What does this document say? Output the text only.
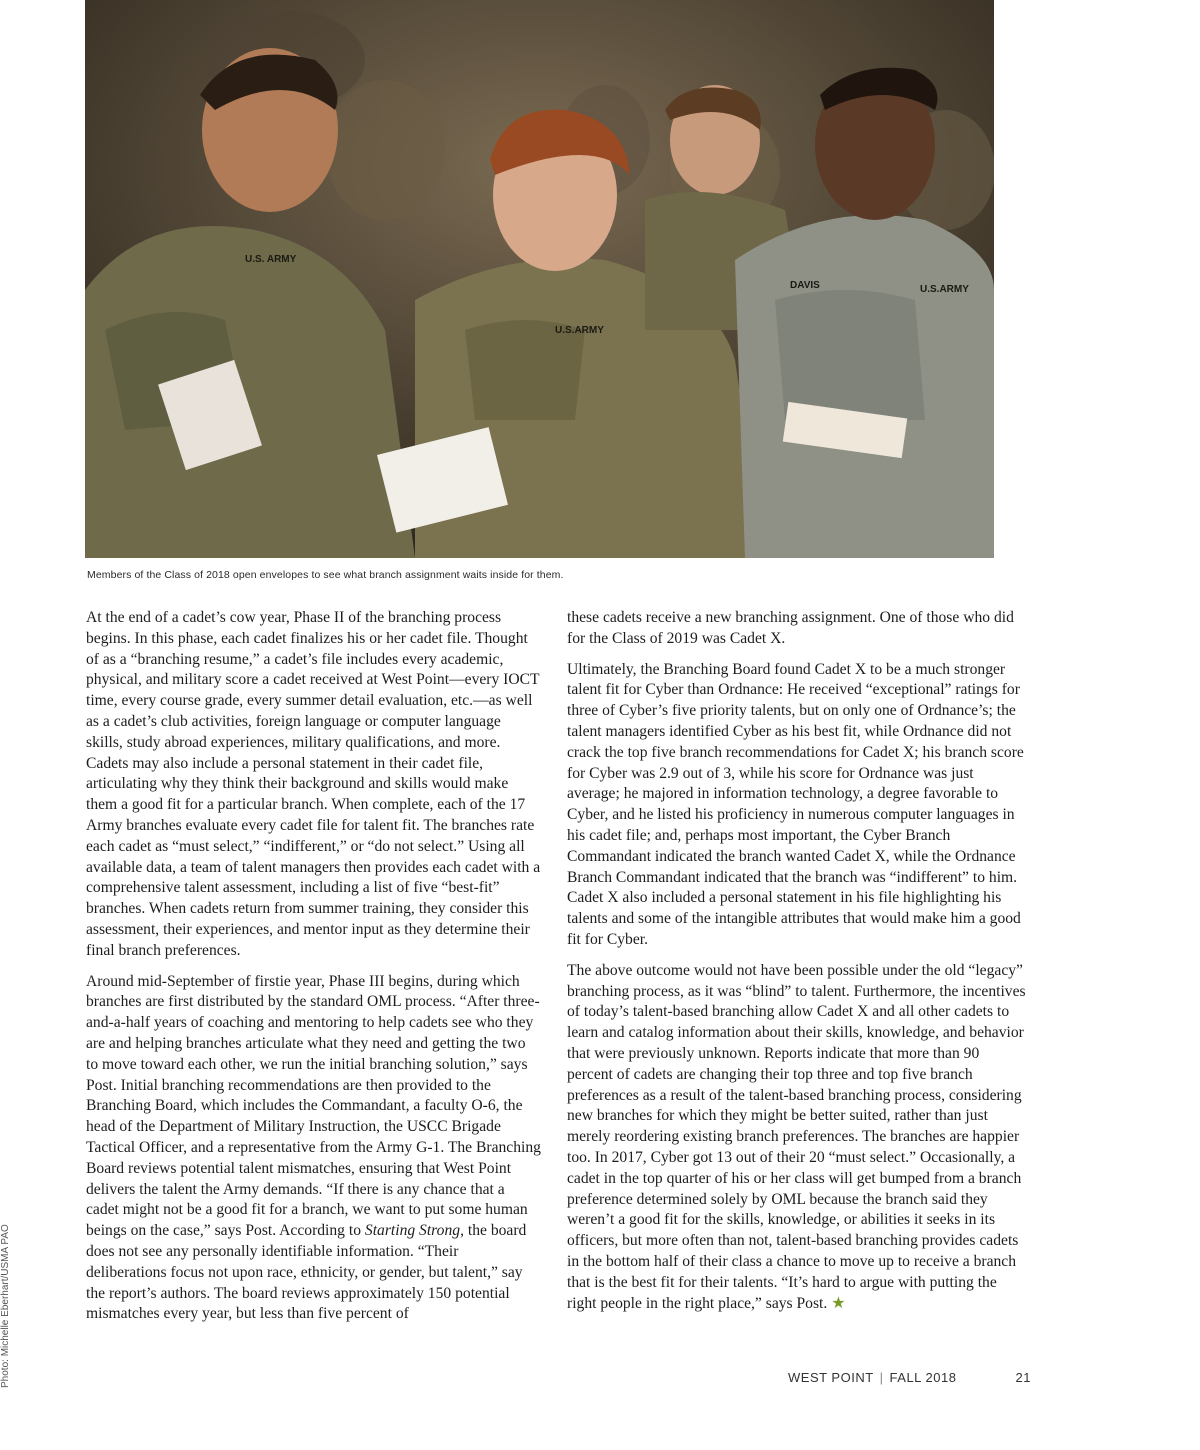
U.S. ARMY
U.S.ARMY
DAVIS	U.S.ARMY
Members of the Class of 2018 open envelopes to see what branch assignment waits inside for them.
Photo: Michelle Eberhart/USMA PAO

At the end of a cadet’s cow year, Phase II of the branching process begins. In this phase, each cadet finalizes his or her cadet file. Thought of as a “branching resume,” a cadet’s file includes every academic, physical, and military score a cadet received at West Point—every IOCT time, every course grade, every summer detail evaluation, etc.—as well as a cadet’s club activities, foreign language or computer language skills, study abroad experiences, military qualifications, and more. Cadets may also include a personal statement in their cadet file, articulating why they think their background and skills would make them a good fit for a particular branch. When complete, each of the 17 Army branches evaluate every cadet file for talent fit. The branches rate each cadet as “must select,” “indifferent,” or “do not select.” Using all available data, a team of talent managers then provides each cadet with a comprehensive talent assessment, including a list of five “best-fit” branches. When cadets return from summer training, they consider this assessment, their experiences, and mentor input as they determine their final branch preferences.

Around mid-September of firstie year, Phase III begins, during which branches are first distributed by the standard OML process. “After three-and-a-half years of coaching and mentoring to help cadets see who they are and helping branches articulate what they need and getting the two to move toward each other, we run the initial branching solution,” says Post. Initial branching recommendations are then provided to the Branching Board, which includes the Commandant, a faculty O-6, the head of the Department of Military Instruction, the USCC Brigade Tactical Officer, and a representative from the Army G-1. The Branching Board reviews potential talent mismatches, ensuring that West Point delivers the talent the Army demands. “If there is any chance that a cadet might not be a good fit for a branch, we want to put some human beings on the case,” says Post. According to Starting Strong, the board does not see any personally identifiable information. “Their deliberations focus not upon race, ethnicity, or gender, but talent,” say the report’s authors. The board reviews approximately 150 potential mismatches every year, but less than five percent of

these cadets receive a new branching assignment. One of those who did for the Class of 2019 was Cadet X.

Ultimately, the Branching Board found Cadet X to be a much stronger talent fit for Cyber than Ordnance: He received “exceptional” ratings for three of Cyber’s five priority talents, but on only one of Ordnance’s; the talent managers identified Cyber as his best fit, while Ordnance did not crack the top five branch recommendations for Cadet X; his branch score for Cyber was 2.9 out of 3, while his score for Ordnance was just average; he majored in information technology, a degree favorable to Cyber, and he listed his proficiency in numerous computer languages in his cadet file; and, perhaps most important, the Cyber Branch Commandant indicated the branch wanted Cadet X, while the Ordnance Branch Commandant indicated that the branch was “indifferent” to him. Cadet X also included a personal statement in his file highlighting his talents and some of the intangible attributes that would make him a good fit for Cyber.

The above outcome would not have been possible under the old “legacy” branching process, as it was “blind” to talent. Furthermore, the incentives of today’s talent-based branching allow Cadet X and all other cadets to learn and catalog information about their skills, knowledge, and behavior that were previously unknown. Reports indicate that more than 90 percent of cadets are changing their top three and top five branch preferences as a result of the talent-based branching process, considering new branches for which they might be better suited, rather than just merely reordering existing branch preferences. The branches are happier too. In 2017, Cyber got 13 out of their 20 “must select.” Occasionally, a cadet in the top quarter of his or her class will get bumped from a branch preference determined solely by OML because the branch said they weren’t a good fit for the skills, knowledge, or abilities it seeks in its officers, but more often than not, talent-based branching provides cadets in the bottom half of their class a chance to move up to receive a branch that is the best fit for their talents. “It’s hard to argue with putting the right people in the right place,” says Post. ★

WEST POINT | FALL 2018	21
